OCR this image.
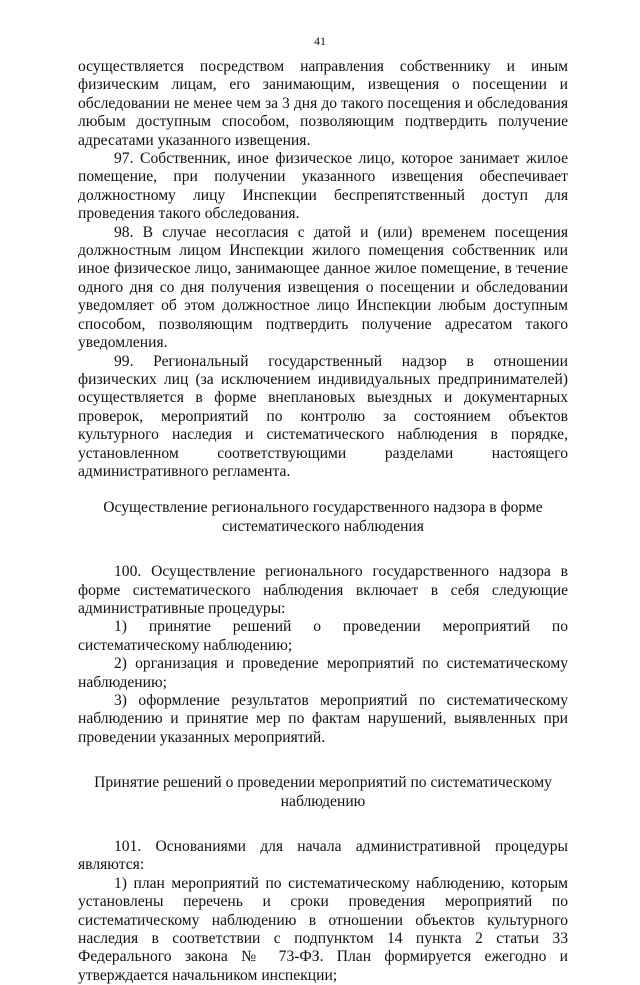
41

осуществляется посредством направления собственнику и иным физическим лицам, его занимающим, извещения о посещении и обследовании не менее чем за 3 дня до такого посещения и обследования любым доступным способом, позволяющим подтвердить получение адресатами указанного извещения.

97. Собственник, иное физическое лицо, которое занимает жилое помещение, при получении указанного извещения обеспечивает должностному лицу Инспекции беспрепятственный доступ для проведения такого обследования.

98. В случае несогласия с датой и (или) временем посещения должностным лицом Инспекции жилого помещения собственник или иное физическое лицо, занимающее данное жилое помещение, в течение одного дня со дня получения извещения о посещении и обследовании уведомляет об этом должностное лицо Инспекции любым доступным способом, позволяющим подтвердить получение адресатом такого уведомления.

99. Региональный государственный надзор в отношении физических лиц (за исключением индивидуальных предпринимателей) осуществляется в форме внеплановых выездных и документарных проверок, мероприятий по контролю за состоянием объектов культурного наследия и систематического наблюдения в порядке, установленном соответствующими разделами настоящего административного регламента.

Осуществление регионального государственного надзора в форме систематического наблюдения

100. Осуществление регионального государственного надзора в форме систематического наблюдения включает в себя следующие административные процедуры:

1) принятие решений о проведении мероприятий по систематическому наблюдению;

2) организация и проведение мероприятий по систематическому наблюдению;

3) оформление результатов мероприятий по систематическому наблюдению и принятие мер по фактам нарушений, выявленных при проведении указанных мероприятий.

Принятие решений о проведении мероприятий по систематическому наблюдению

101. Основаниями для начала административной процедуры являются:

1) план мероприятий по систематическому наблюдению, которым установлены перечень и сроки проведения мероприятий по систематическому наблюдению в отношении объектов культурного наследия в соответствии с подпунктом 14 пункта 2 статьи 33 Федерального закона № 73-ФЗ. План формируется ежегодно и утверждается начальником инспекции;
